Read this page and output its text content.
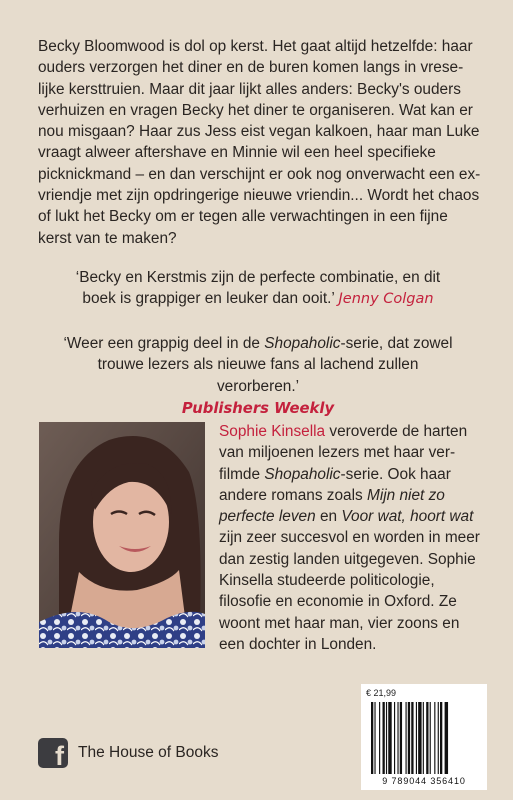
Becky Bloomwood is dol op kerst. Het gaat altijd hetzelfde: haar ouders verzorgen het diner en de buren komen langs in vreselijke kersttruien. Maar dit jaar lijkt alles anders: Becky's ouders verhuizen en vragen Becky het diner te organiseren. Wat kan er nou misgaan? Haar zus Jess eist vegan kalkoen, haar man Luke vraagt alweer aftershave en Minnie wil een heel specifieke picknickmand – en dan verschijnt er ook nog onverwacht een ex-vriendje met zijn opdringerige nieuwe vriendin... Wordt het chaos of lukt het Becky om er tegen alle verwachtingen in een fijne kerst van te maken?

‘Becky en Kerstmis zijn de perfecte combinatie, en dit boek is grappiger en leuker dan ooit.’ Jenny Colgan

‘Weer een grappig deel in de Shopaholic-serie, dat zowel trouwe lezers als nieuwe fans al lachend zullen verorberen.’
Publishers Weekly

Sophie Kinsella veroverde de harten van miljoenen lezers met haar verfilmde Shopaholic-serie. Ook haar andere romans zoals Mijn niet zo perfecte leven en Voor wat, hoort wat zijn zeer succesvol en worden in meer dan zestig landen uitgegeven. Sophie Kinsella studeerde politicologie, filosofie en economie in Oxford. Ze woont met haar man, vier zoons en een dochter in Londen.

€ 21,99
9 789044 356410
f The House of Books
